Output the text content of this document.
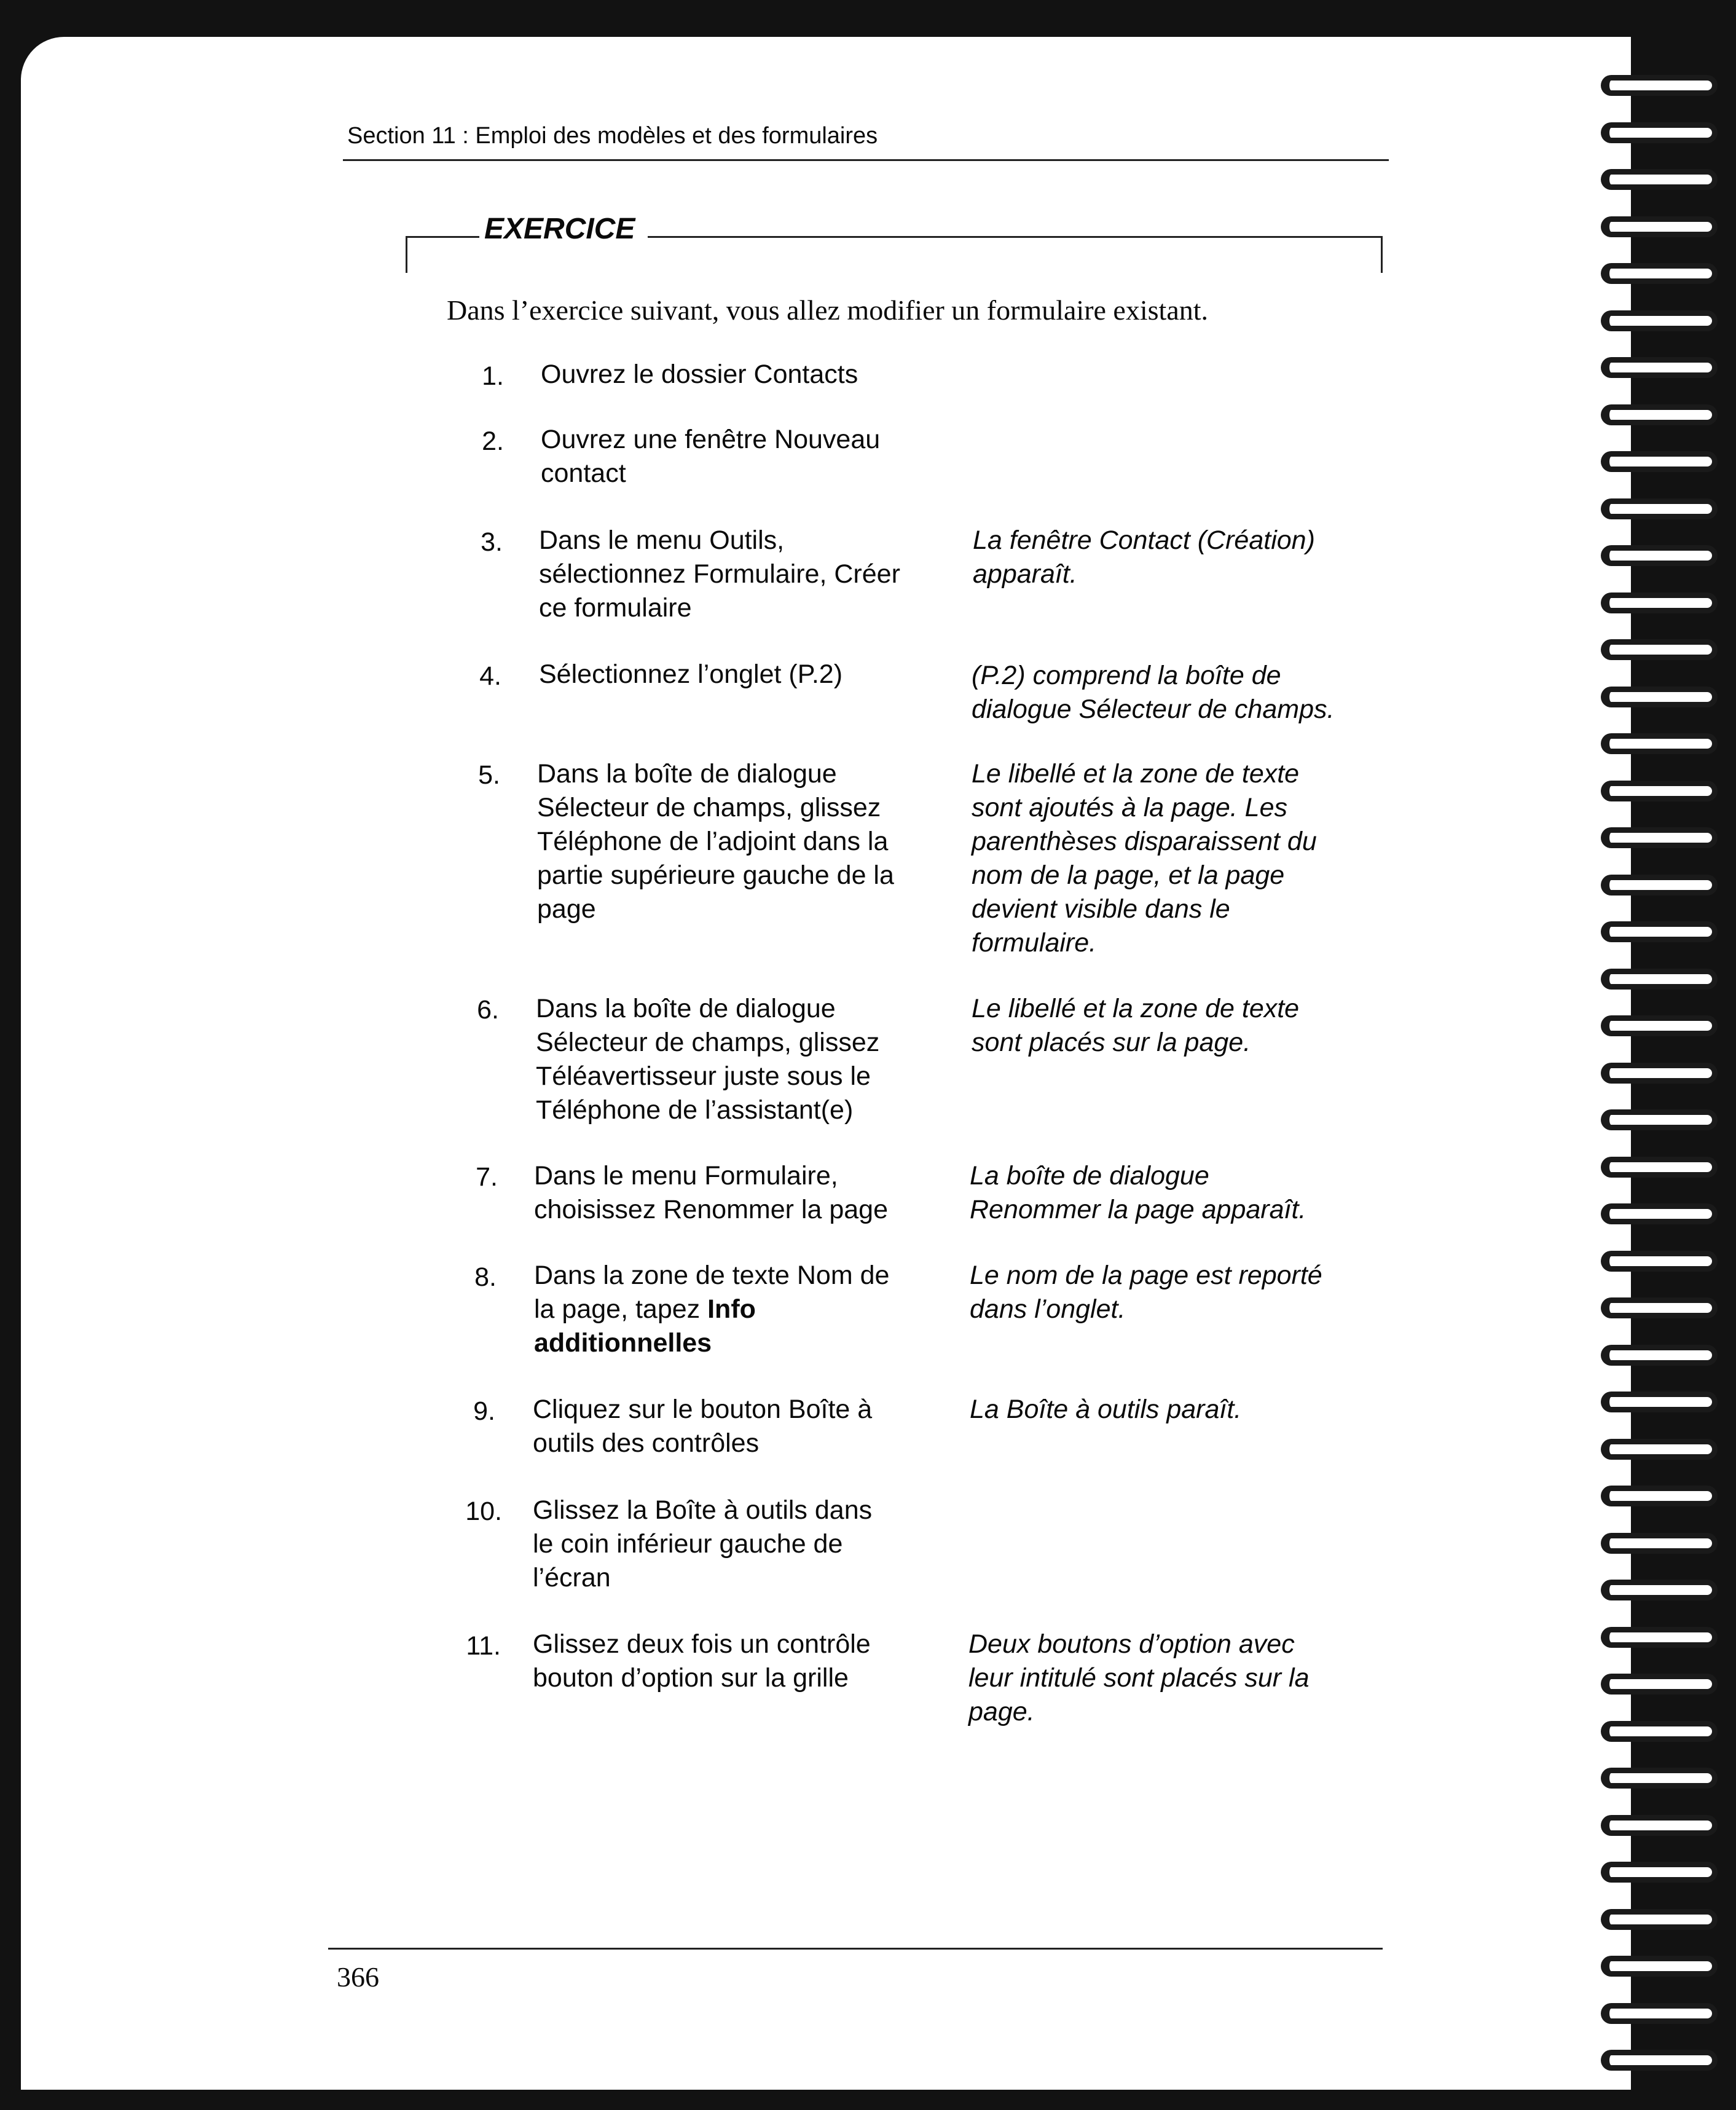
Section 11 : Emploi des modèles et des formulaires
EXERCICE
Dans l’exercice suivant, vous allez modifier un formulaire existant.
1. Ouvrez le dossier Contacts
2. Ouvrez une fenêtre Nouveau
contact
3. Dans le menu Outils,
sélectionnez Formulaire, Créer
ce formulaire
La fenêtre Contact (Création)
apparaît.
4. Sélectionnez l’onglet (P.2)	(P.2) comprend la boîte de
dialogue Sélecteur de champs.
5. Dans la boîte de dialogue
Sélecteur de champs, glissez
Téléphone de l’adjoint dans la
partie supérieure gauche de la
page
Le libellé et la zone de texte
sont ajoutés à la page. Les
parenthèses disparaissent du
nom de la page, et la page
devient visible dans le
formulaire.
6. Dans la boîte de dialogue
Sélecteur de champs, glissez
Téléavertisseur juste sous le
Téléphone de l’assistant(e)
Le libellé et la zone de texte
sont placés sur la page.
7. Dans le menu Formulaire,
choisissez Renommer la page
La boîte de dialogue
Renommer la page apparaît.
8. Dans la zone de texte Nom de
la page, tapez Info
additionnelles
Le nom de la page est reporté
dans l’onglet.
9. Cliquez sur le bouton Boîte à
outils des contrôles
La Boîte à outils paraît.
10. Glissez la Boîte à outils dans
le coin inférieur gauche de
l’écran
11. Glissez deux fois un contrôle
bouton d’option sur la grille
Deux boutons d’option avec
leur intitulé sont placés sur la
page.
366
